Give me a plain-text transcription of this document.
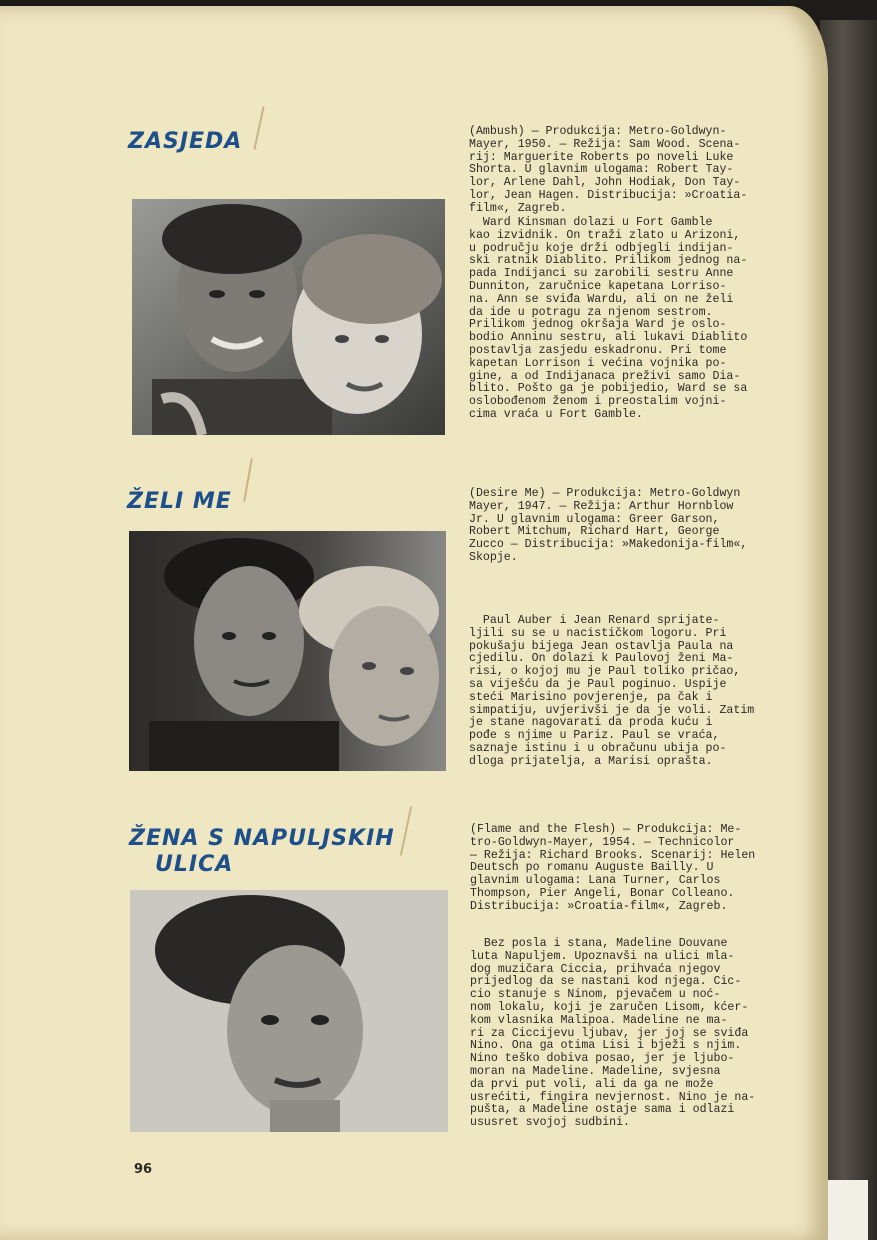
ZASJEDA	(Ambush) — Produkcija: Metro-Goldwyn-
Mayer, 1950. — Režija: Sam Wood. Scena-
rij: Marguerite Roberts po noveli Luke
Shorta. U glavnim ulogama: Robert Tay-
lor, Arlene Dahl, John Hodiak, Don Tay-
lor, Jean Hagen. Distribucija: »Croatia-
film«, Zagreb.
Ward Kinsman dolazi u Fort Gamble
kao izvidnik. On traži zlato u Arizoni,
u području koje drži odbjegli indijan-
ski ratnik Diablito. Prilikom jednog na-
pada Indijanci su zarobili sestru Anne
Dunniton, zaručnice kapetana Lorriso-
na. Ann se sviđa Wardu, ali on ne želi
da ide u potragu za njenom sestrom.
Prilikom jednog okršaja Ward je oslo-
bodio Anninu sestru, ali lukavi Diablito
postavlja zasjedu eskadronu. Pri tome
kapetan Lorrison i većina vojnika po-
gine, a od Indijanaca preživi samo Dia-
blito. Pošto ga je pobijedio, Ward se sa
oslobođenom ženom i preostalim vojni-
cima vraća u Fort Gamble.
ŽELI ME	(Desire Me) — Produkcija: Metro-Goldwyn
Mayer, 1947. — Režija: Arthur Hornblow
Jr. U glavnim ulogama: Greer Garson,
Robert Mitchum, Richard Hart, George
Zucco — Distribucija: »Makedonija-film«,
Skopje.
Paul Auber i Jean Renard sprijate-
ljili su se u nacističkom logoru. Pri
pokušaju bijega Jean ostavlja Paula na
cjedilu. On dolazi k Paulovoj ženi Ma-
risi, o kojoj mu je Paul toliko pričao,
sa viješću da je Paul poginuo. Uspije
steći Marisino povjerenje, pa čak i
simpatiju, uvjerivši je da je voli. Zatim
je stane nagovarati da proda kuću i
pođe s njime u Pariz. Paul se vraća,
saznaje istinu i u obračunu ubija po-
dloga prijatelja, a Marisi oprašta.
ŽENA S NAPULJSKIH
ULICA
(Flame and the Flesh) — Produkcija: Me-
tro-Goldwyn-Mayer, 1954. — Technicolor
— Režija: Richard Brooks. Scenarij: Helen
Deutsch po romanu Auguste Bailly. U
glavnim ulogama: Lana Turner, Carlos
Thompson, Pier Angeli, Bonar Colleano.
Distribucija: »Croatia-film«, Zagreb.
Bez posla i stana, Madeline Douvane
luta Napuljem. Upoznavši na ulici mla-
dog muzičara Ciccia, prihvaća njegov
prijedlog da se nastani kod njega. Cic-
cio stanuje s Ninom, pjevačem u noć-
nom lokalu, koji je zaručen Lisom, kćer-
kom vlasnika Malipoa. Madeline ne ma-
ri za Ciccijevu ljubav, jer joj se sviđa
Nino. Ona ga otima Lisi i bježi s njim.
Nino teško dobiva posao, jer je ljubo-
moran na Madeline. Madeline, svjesna
da prvi put voli, ali da ga ne može
usrećiti, fingira nevjernost. Nino je na-
pušta, a Madeline ostaje sama i odlazi
ususret svojoj sudbini.
96
